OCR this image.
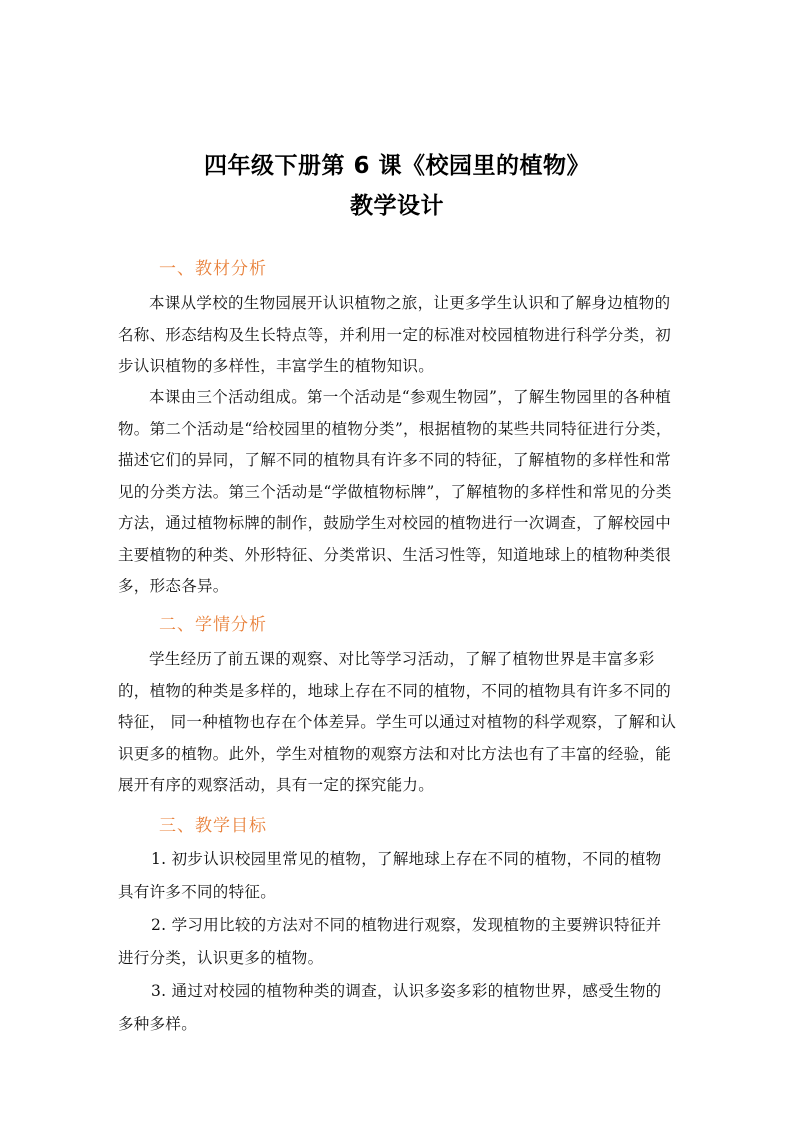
四年级下册第 6 课《校园里的植物》
教学设计
一、教材分析
本课从学校的生物园展开认识植物之旅，让更多学生认识和了解身边植物的名称、形态结构及生长特点等，并利用一定的标准对校园植物进行科学分类，初步认识植物的多样性，丰富学生的植物知识。
本课由三个活动组成。第一个活动是“参观生物园”，了解生物园里的各种植物。第二个活动是“给校园里的植物分类”，根据植物的某些共同特征进行分类，描述它们的异同，了解不同的植物具有许多不同的特征，了解植物的多样性和常见的分类方法。第三个活动是“学做植物标牌”，了解植物的多样性和常见的分类方法，通过植物标牌的制作，鼓励学生对校园的植物进行一次调查，了解校园中主要植物的种类、外形特征、分类常识、生活习性等，知道地球上的植物种类很多，形态各异。
二、学情分析
学生经历了前五课的观察、对比等学习活动，了解了植物世界是丰富多彩的，植物的种类是多样的，地球上存在不同的植物，不同的植物具有许多不同的特征， 同一种植物也存在个体差异。学生可以通过对植物的科学观察，了解和认识更多的植物。此外，学生对植物的观察方法和对比方法也有了丰富的经验，能展开有序的观察活动，具有一定的探究能力。
三、教学目标
1. 初步认识校园里常见的植物，了解地球上存在不同的植物，不同的植物具有许多不同的特征。
2. 学习用比较的方法对不同的植物进行观察，发现植物的主要辨识特征并进行分类，认识更多的植物。
3. 通过对校园的植物种类的调查，认识多姿多彩的植物世界，感受生物的多种多样。
